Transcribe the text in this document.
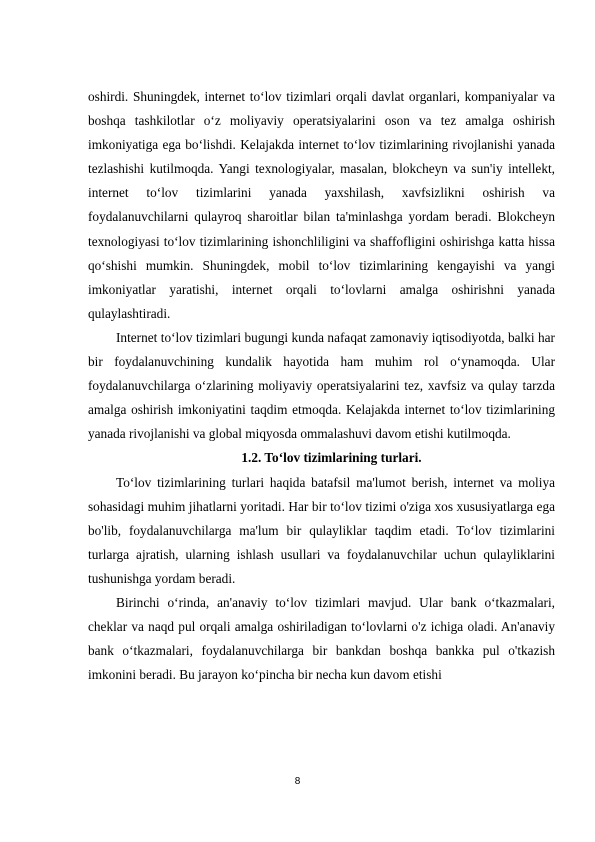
oshirdi. Shuningdek, internet to‘lov tizimlari orqali davlat organlari, kompaniyalar va boshqa tashkilotlar o‘z moliyaviy operatsiyalarini oson va tez amalga oshirish imkoniyatiga ega bo‘lishdi. Kelajakda internet to‘lov tizimlarining rivojlanishi yanada tezlashishi kutilmoqda. Yangi texnologiyalar, masalan, blokcheyn va sun'iy intellekt, internet to‘lov tizimlarini yanada yaxshilash, xavfsizlikni oshirish va foydalanuvchilarni qulayroq sharoitlar bilan ta'minlashga yordam beradi. Blokcheyn texnologiyasi to‘lov tizimlarining ishonchliligini va shaffofligini oshirishga katta hissa qo‘shishi mumkin. Shuningdek, mobil to‘lov tizimlarining kengayishi va yangi imkoniyatlar yaratishi, internet orqali to‘lovlarni amalga oshirishni yanada qulaylashtiradi.

Internet to‘lov tizimlari bugungi kunda nafaqat zamonaviy iqtisodiyotda, balki har bir foydalanuvchining kundalik hayotida ham muhim rol o‘ynamoqda. Ular foydalanuvchilarga o‘zlarining moliyaviy operatsiyalarini tez, xavfsiz va qulay tarzda amalga oshirish imkoniyatini taqdim etmoqda. Kelajakda internet to‘lov tizimlarining yanada rivojlanishi va global miqyosda ommalashuvi davom etishi kutilmoqda.

1.2. To‘lov tizimlarining turlari.

To‘lov tizimlarining turlari haqida batafsil ma'lumot berish, internet va moliya sohasidagi muhim jihatlarni yoritadi. Har bir to‘lov tizimi o'ziga xos xususiyatlarga ega bo'lib, foydalanuvchilarga ma'lum bir qulayliklar taqdim etadi. To‘lov tizimlarini turlarga ajratish, ularning ishlash usullari va foydalanuvchilar uchun qulayliklarini tushunishga yordam beradi.

Birinchi o‘rinda, an'anaviy to‘lov tizimlari mavjud. Ular bank o‘tkazmalari, cheklar va naqd pul orqali amalga oshiriladigan to‘lovlarni o'z ichiga oladi. An'anaviy bank o‘tkazmalari, foydalanuvchilarga bir bankdan boshqa bankka pul o'tkazish imkonini beradi. Bu jarayon ko‘pincha bir necha kun davom etishi

8
